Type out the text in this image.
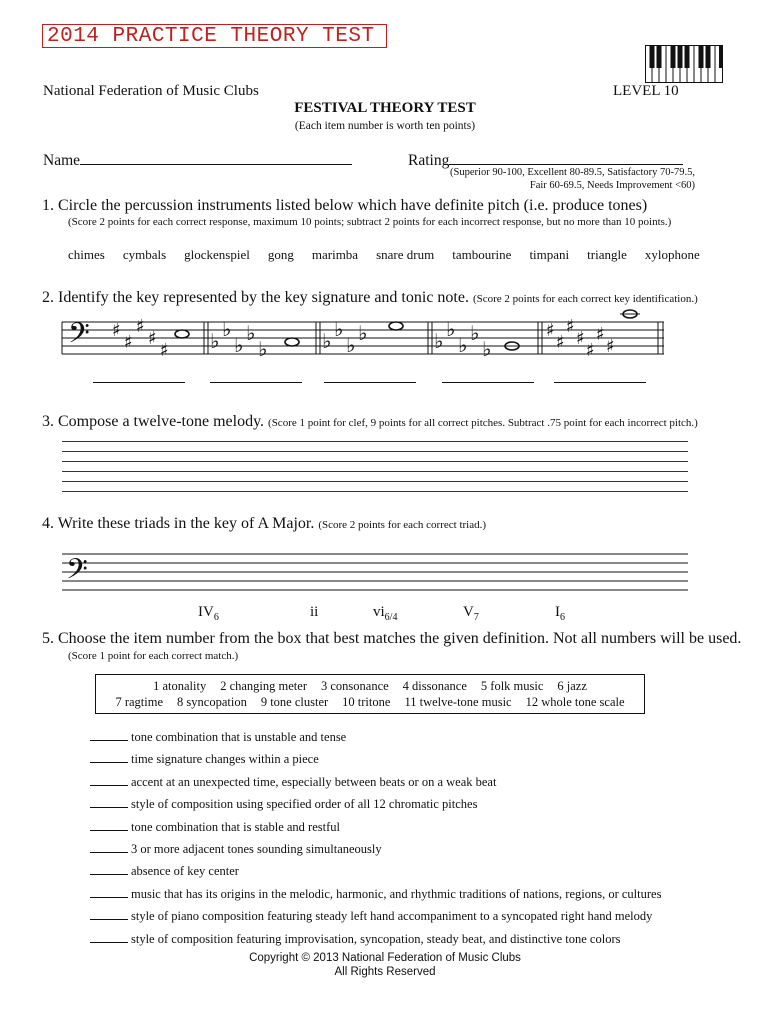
2014 PRACTICE THEORY TEST
National Federation of Music Clubs	LEVEL 10
FESTIVAL THEORY TEST
(Each item number is worth ten points)
Name	Rating
(Superior 90-100, Excellent 80-89.5, Satisfactory 70-79.5,
Fair 60-69.5, Needs Improvement <60)
1. Circle the percussion instruments listed below which have definite pitch (i.e. produce tones)
(Score 2 points for each correct response, maximum 10 points; subtract 2 points for each incorrect response, but no more than 10 points.)
chimes cymbals glockenspiel gong marimba snare drum tambourine timpani triangle xylophone
2. Identify the key represented by the key signature and tonic note. (Score 2 points for each correct key identification.)
𝄢 ♯
♯
♯
♯
♯ ♭ ♭
♭ ♭
♭	♭ ♭
♭ ♭	♭ ♭
♭ ♭
♭
♯
♯
♯
♯
♯
♯
♯
3. Compose a twelve-tone melody. (Score 1 point for clef, 9 points for all correct pitches. Subtract .75 point for each incorrect pitch.)
4. Write these triads in the key of A Major. (Score 2 points for each correct triad.)
𝄢
$IV_6$	ii	$vi_{6/4}$	$V_7$	$I_6$
5. Choose the item number from the box that best matches the given definition. Not all numbers will be used.
(Score 1 point for each correct match.)
1 atonality 2 changing meter 3 consonance 4 dissonance 5 folk music 6 jazz
7 ragtime 8 syncopation 9 tone cluster 10 tritone 11 twelve-tone music 12 whole tone scale
tone combination that is unstable and tense
time signature changes within a piece
accent at an unexpected time, especially between beats or on a weak beat
style of composition using specified order of all 12 chromatic pitches
tone combination that is stable and restful
3 or more adjacent tones sounding simultaneously
absence of key center
music that has its origins in the melodic, harmonic, and rhythmic traditions of nations, regions, or cultures
style of piano composition featuring steady left hand accompaniment to a syncopated right hand melody
style of composition featuring improvisation, syncopation, steady beat, and distinctive tone colors
Copyright © 2013 National Federation of Music Clubs
All Rights Reserved
